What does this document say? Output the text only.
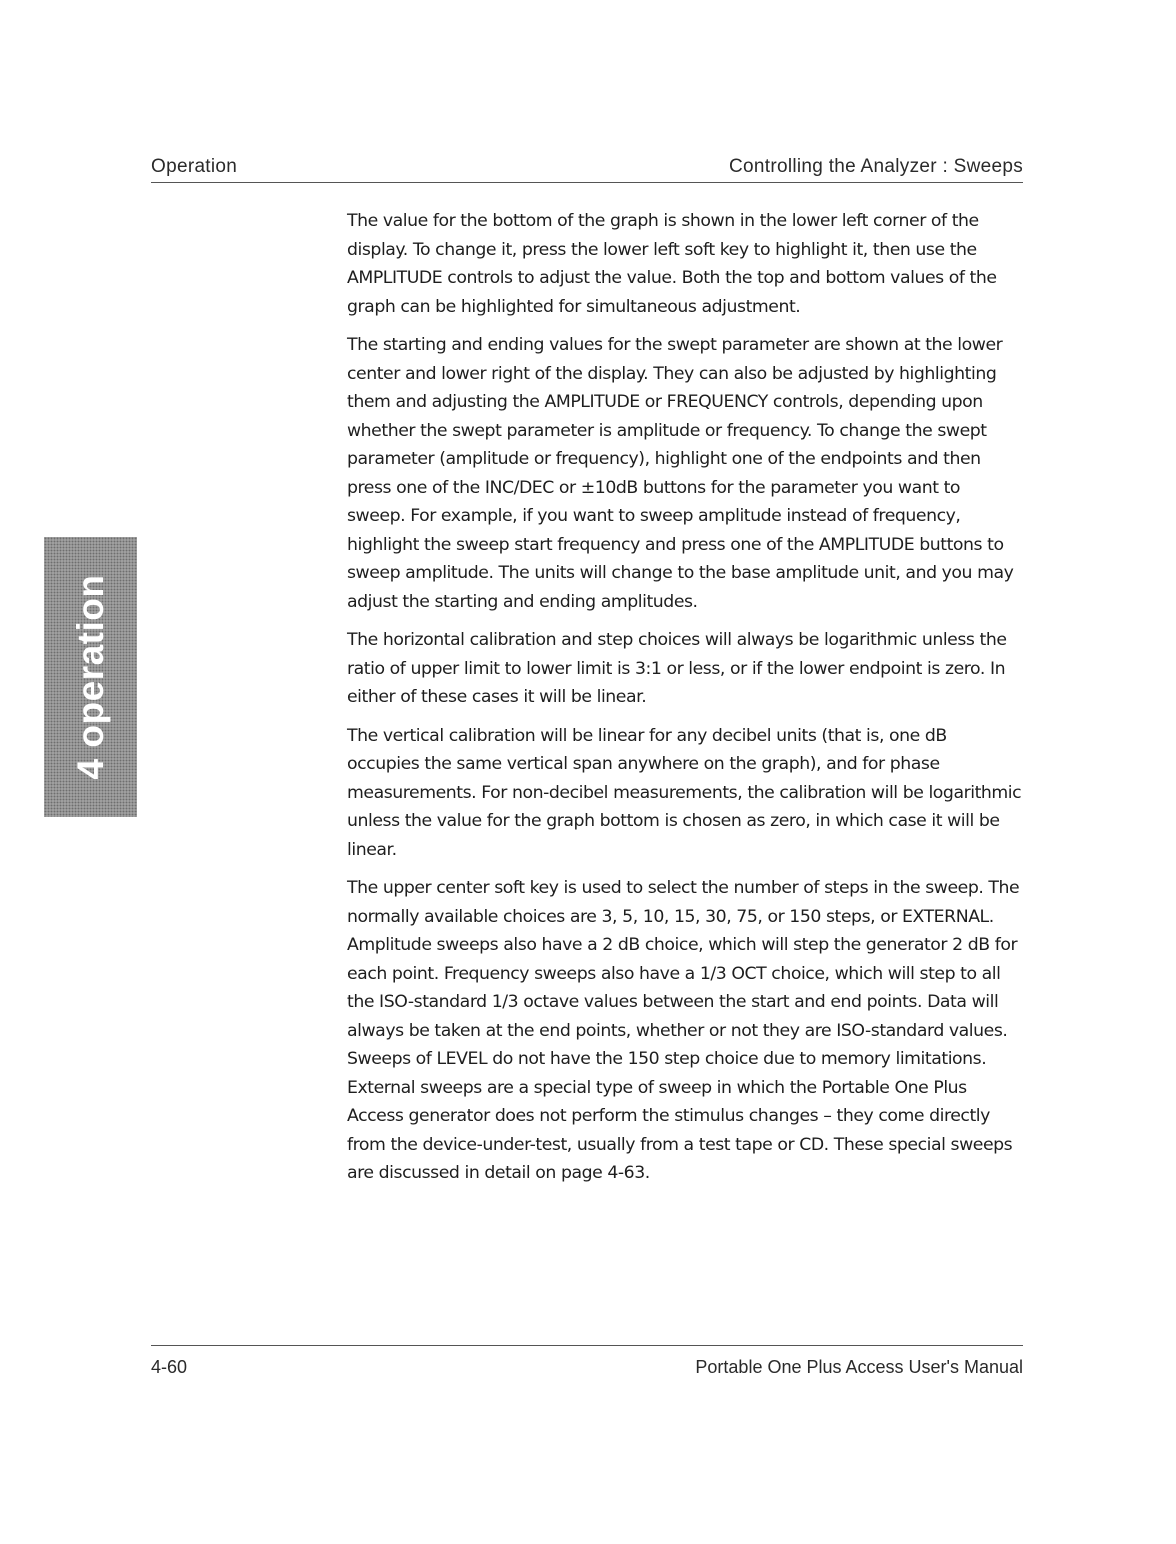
Operation	Controlling the Analyzer : Sweeps
4 operation

The value for the bottom of the graph is shown in the lower left corner of the display. To change it, press the lower left soft key to highlight it, then use the AMPLITUDE controls to adjust the value. Both the top and bottom values of the graph can be highlighted for simultaneous adjustment.

The starting and ending values for the swept parameter are shown at the lower center and lower right of the display. They can also be adjusted by highlighting them and adjusting the AMPLITUDE or FREQUENCY controls, depending upon whether the swept parameter is amplitude or frequency. To change the swept parameter (amplitude or frequency), highlight one of the endpoints and then press one of the INC/DEC or ±10dB buttons for the parameter you want to sweep. For example, if you want to sweep amplitude instead of frequency, highlight the sweep start frequency and press one of the AMPLITUDE buttons to sweep amplitude. The units will change to the base amplitude unit, and you may adjust the starting and ending amplitudes.

The horizontal calibration and step choices will always be logarithmic unless the ratio of upper limit to lower limit is 3:1 or less, or if the lower endpoint is zero. In either of these cases it will be linear.

The vertical calibration will be linear for any decibel units (that is, one dB occupies the same vertical span anywhere on the graph), and for phase measurements. For non-decibel measurements, the calibration will be logarithmic unless the value for the graph bottom is chosen as zero, in which case it will be linear.

The upper center soft key is used to select the number of steps in the sweep. The normally available choices are 3, 5, 10, 15, 30, 75, or 150 steps, or EXTERNAL. Amplitude sweeps also have a 2 dB choice, which will step the generator 2 dB for each point. Frequency sweeps also have a 1/3 OCT choice, which will step to all the ISO-standard 1/3 octave values between the start and end points. Data will always be taken at the end points, whether or not they are ISO-standard values. Sweeps of LEVEL do not have the 150 step choice due to memory limitations. External sweeps are a special type of sweep in which the Portable One Plus Access generator does not perform the stimulus changes – they come directly from the device-under-test, usually from a test tape or CD. These special sweeps are discussed in detail on page 4-63.

4-60	Portable One Plus Access User's Manual
